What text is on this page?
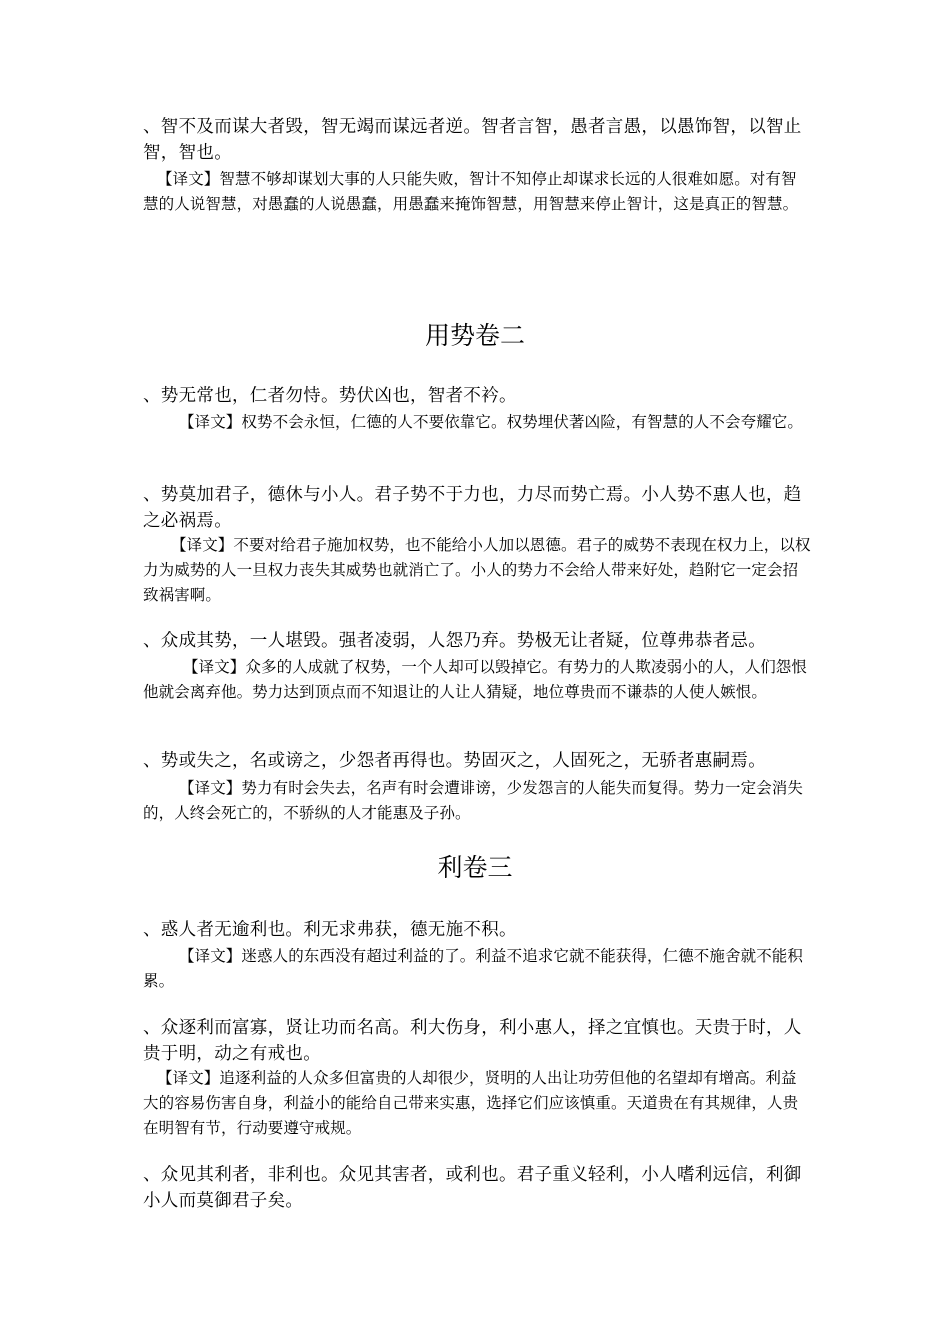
、智不及而谋大者毁，智无竭而谋远者逆。智者言智，愚者言愚，以愚饰智，以智止智，智也。

【译文】智慧不够却谋划大事的人只能失败，智计不知停止却谋求长远的人很难如愿。对有智慧的人说智慧，对愚蠢的人说愚蠢，用愚蠢来掩饰智慧，用智慧来停止智计，这是真正的智慧。

用势卷二

、势无常也，仁者勿恃。势伏凶也，智者不衿。

【译文】权势不会永恒，仁德的人不要依靠它。权势埋伏著凶险，有智慧的人不会夸耀它。

、势莫加君子，德休与小人。君子势不于力也，力尽而势亡焉。小人势不惠人也，趋之必祸焉。

【译文】不要对给君子施加权势，也不能给小人加以恩德。君子的威势不表现在权力上，以权力为威势的人一旦权力丧失其威势也就消亡了。小人的势力不会给人带来好处，趋附它一定会招致祸害啊。

、众成其势，一人堪毁。强者凌弱，人怨乃弃。势极无让者疑，位尊弗恭者忌。

【译文】众多的人成就了权势，一个人却可以毁掉它。有势力的人欺凌弱小的人，人们怨恨他就会离弃他。势力达到顶点而不知退让的人让人猜疑，地位尊贵而不谦恭的人使人嫉恨。

、势或失之，名或谤之，少怨者再得也。势固灭之，人固死之，无骄者惠嗣焉。

【译文】势力有时会失去，名声有时会遭诽谤，少发怨言的人能失而复得。势力一定会消失的，人终会死亡的，不骄纵的人才能惠及子孙。

利卷三

、惑人者无逾利也。利无求弗获，德无施不积。

【译文】迷惑人的东西没有超过利益的了。利益不追求它就不能获得，仁德不施舍就不能积累。

、众逐利而富寡，贤让功而名高。利大伤身，利小惠人，择之宜慎也。天贵于时，人贵于明，动之有戒也。

【译文】追逐利益的人众多但富贵的人却很少，贤明的人出让功劳但他的名望却有增高。利益大的容易伤害自身，利益小的能给自己带来实惠，选择它们应该慎重。天道贵在有其规律，人贵在明智有节，行动要遵守戒规。

、众见其利者，非利也。众见其害者，或利也。君子重义轻利，小人嗜利远信，利御小人而莫御君子矣。
